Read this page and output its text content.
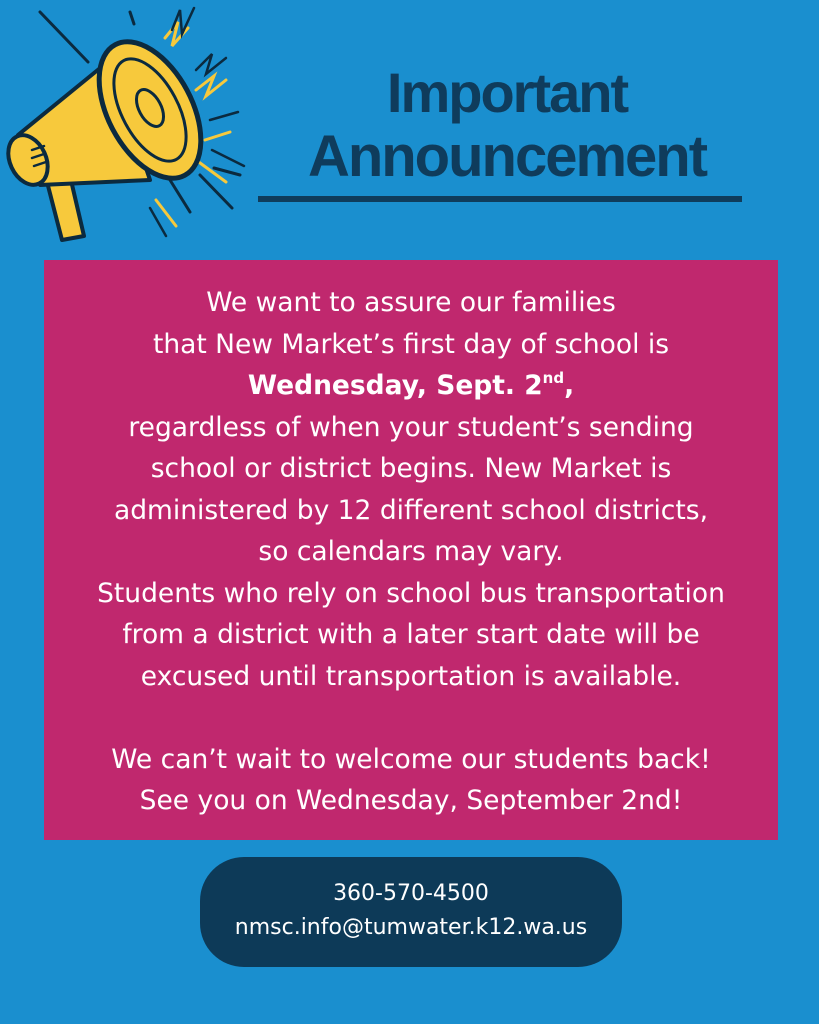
Important
Announcement
We want to assure our families
that New Market’s first day of school is
Wednesday, Sept. 2nd,
regardless of when your student’s sending
school or district begins. New Market is
administered by 12 different school districts,
so calendars may vary.
Students who rely on school bus transportation
from a district with a later start date will be
excused until transportation is available.
We can’t wait to welcome our students back!
See you on Wednesday, September 2nd!
360-570-4500
nmsc.info@tumwater.k12.wa.us
